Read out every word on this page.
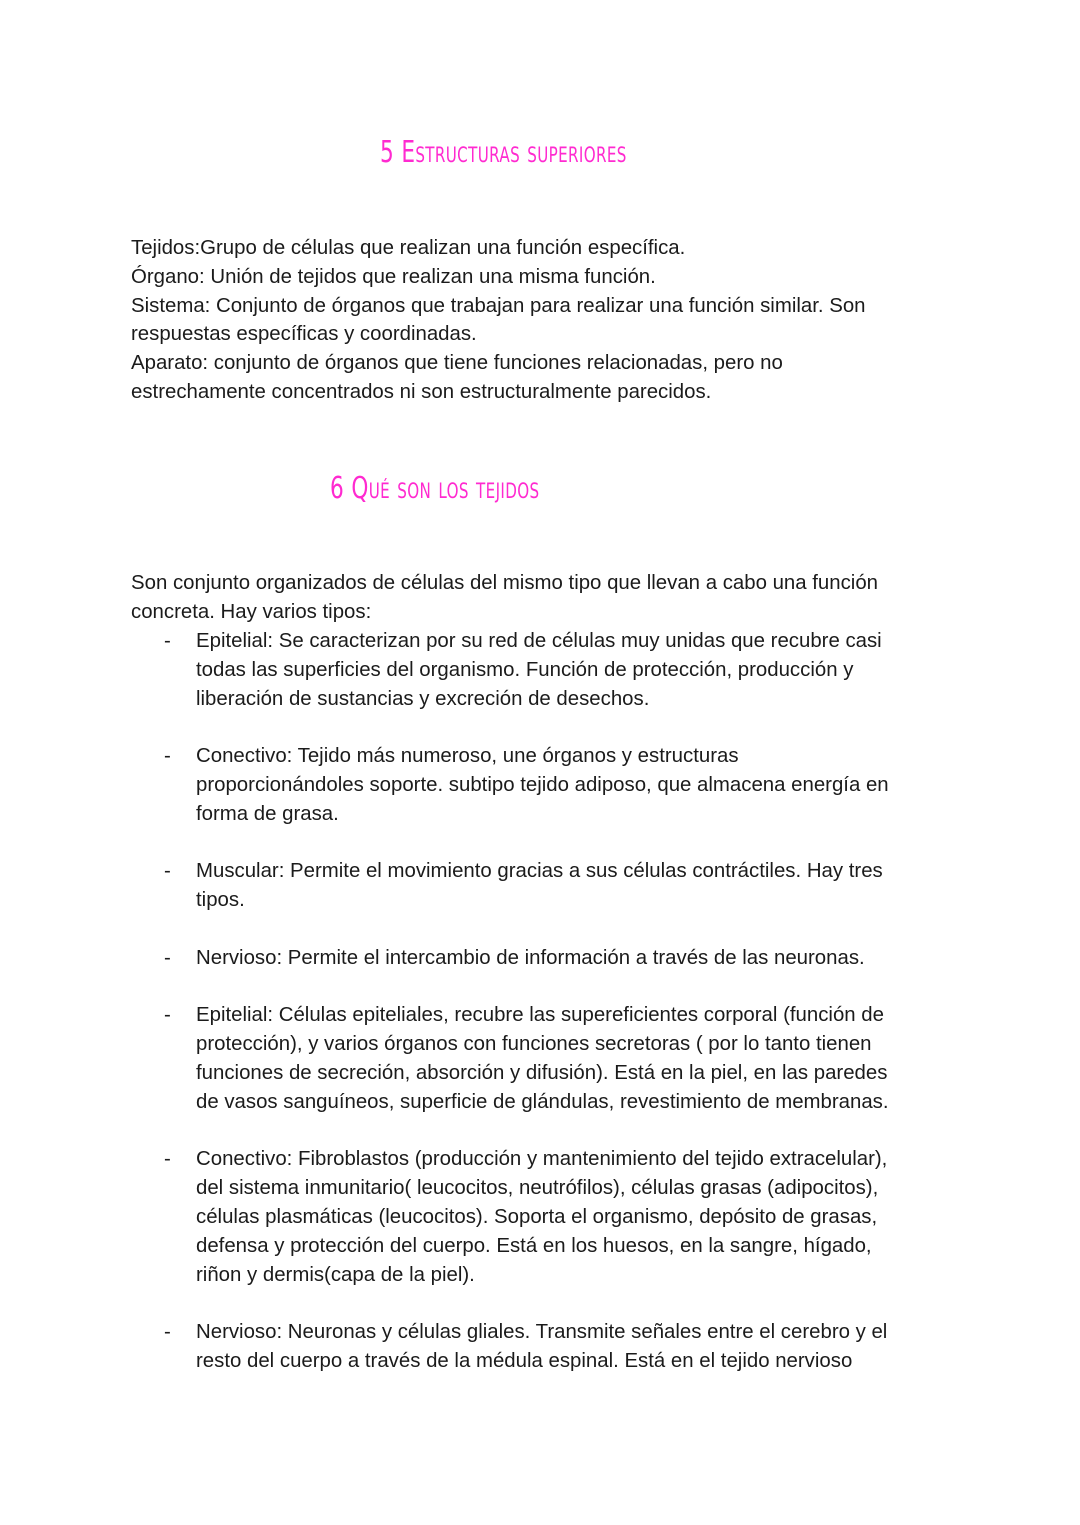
5 Estructuras superiores
Tejidos:Grupo de células que realizan una función específica.
Órgano: Unión de tejidos que realizan una misma función.
Sistema: Conjunto de órganos que trabajan para realizar una función similar. Son
respuestas específicas y coordinadas.
Aparato: conjunto de órganos que tiene funciones relacionadas, pero no
estrechamente concentrados ni son estructuralmente parecidos.
6 Qué son los tejidos
Son conjunto organizados de células del mismo tipo que llevan a cabo una función
concreta. Hay varios tipos:
- Epitelial: Se caracterizan por su red de células muy unidas que recubre casi
todas las superficies del organismo. Función de protección, producción y
liberación de sustancias y excreción de desechos.
- Conectivo: Tejido más numeroso, une órganos y estructuras
proporcionándoles soporte. subtipo tejido adiposo, que almacena energía en
forma de grasa.
- Muscular: Permite el movimiento gracias a sus células contráctiles. Hay tres
tipos.
- Nervioso: Permite el intercambio de información a través de las neuronas.
- Epitelial: Células epiteliales, recubre las supereficientes corporal (función de
protección), y varios órganos con funciones secretoras ( por lo tanto tienen
funciones de secreción, absorción y difusión). Está en la piel, en las paredes
de vasos sanguíneos, superficie de glándulas, revestimiento de membranas.
- Conectivo: Fibroblastos (producción y mantenimiento del tejido extracelular),
del sistema inmunitario( leucocitos, neutrófilos), células grasas (adipocitos),
células plasmáticas (leucocitos). Soporta el organismo, depósito de grasas,
defensa y protección del cuerpo. Está en los huesos, en la sangre, hígado,
riñon y dermis(capa de la piel).
- Nervioso: Neuronas y células gliales. Transmite señales entre el cerebro y el
resto del cuerpo a través de la médula espinal. Está en el tejido nervioso
